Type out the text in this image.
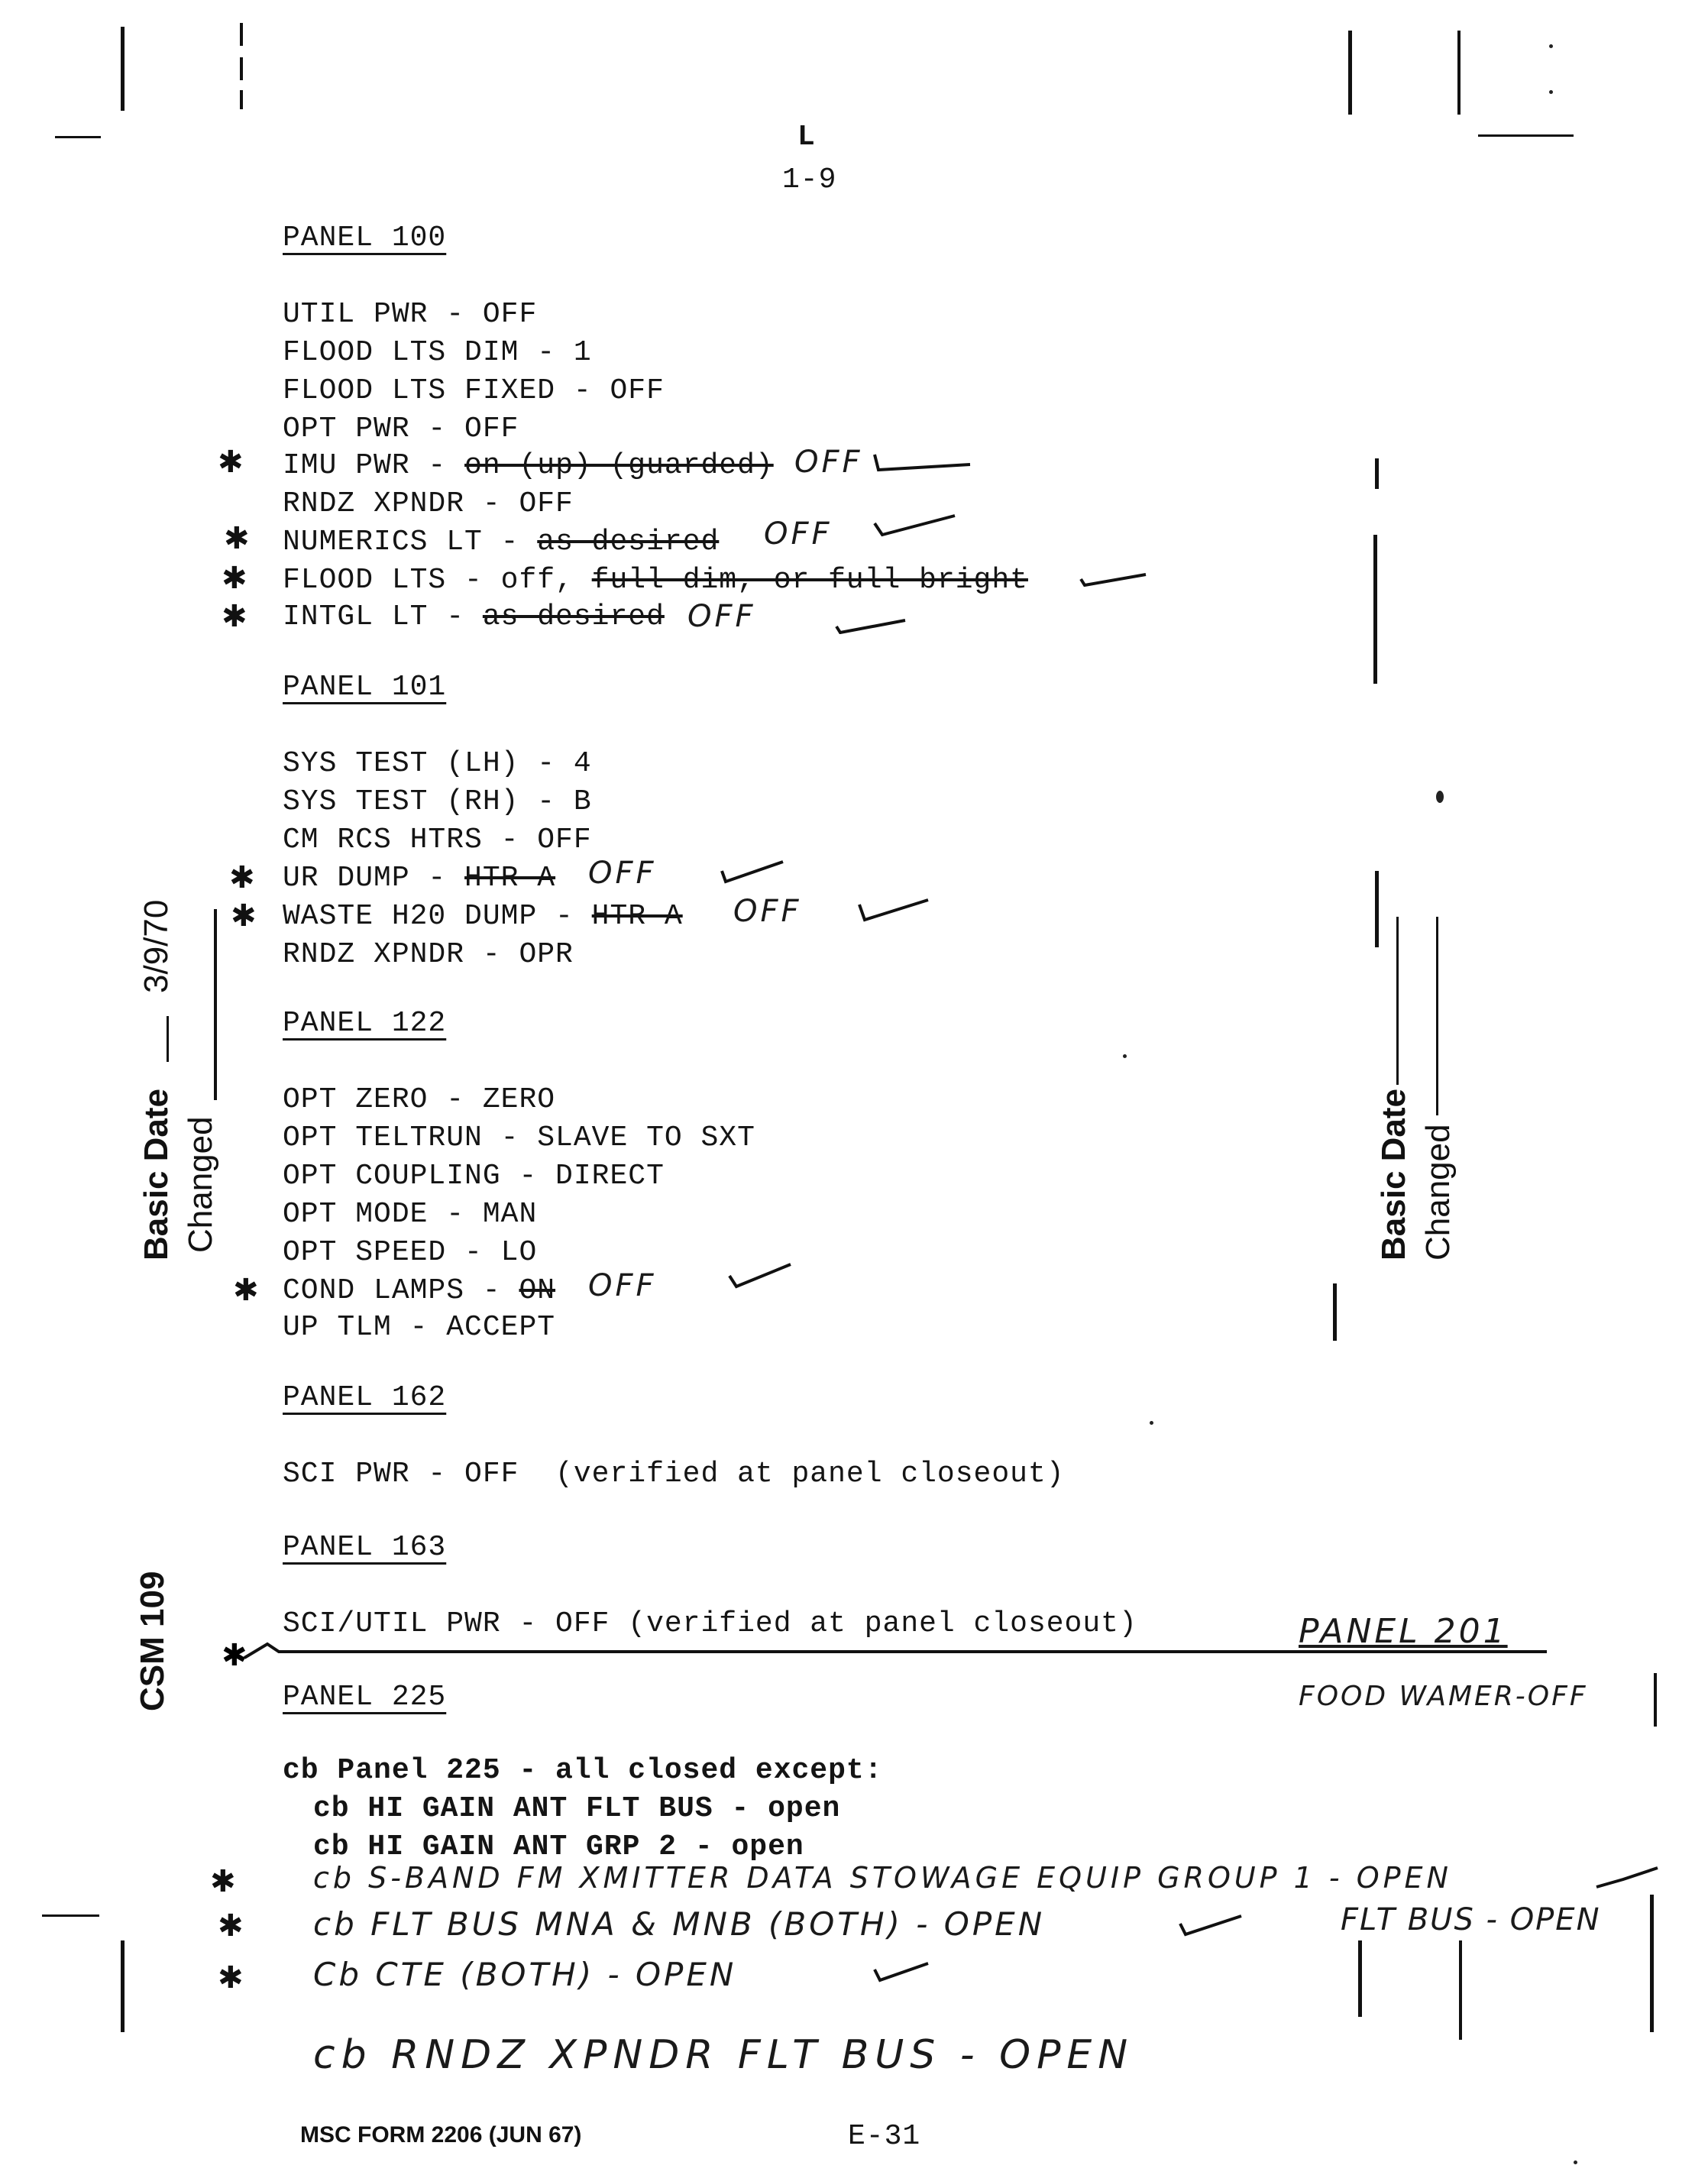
L
1-9
PANEL 100
UTIL PWR - OFF
FLOOD LTS DIM - 1
FLOOD LTS FIXED - OFF
OPT PWR - OFF
✱ IMU PWR - on (up) (guarded) OFF
RNDZ XPNDR - OFF
✱ NUMERICS LT - as desired OFF
✱ FLOOD LTS - off, full dim, or full bright
✱ INTGL LT - as desired OFF
PANEL 101
SYS TEST (LH) - 4
SYS TEST (RH) - B
CM RCS HTRS - OFF
✱ UR DUMP - HTR A OFF
✱ WASTE H20 DUMP - HTR A OFF
RNDZ XPNDR - OPR
PANEL 122
OPT ZERO - ZERO
OPT TELTRUN - SLAVE TO SXT
OPT COUPLING - DIRECT
OPT MODE - MAN
OPT SPEED - LO
✱ COND LAMPS - ON OFF
UP TLM - ACCEPT
PANEL 162
SCI PWR - OFF  (verified at panel closeout)
PANEL 163
SCI/UTIL PWR - OFF (verified at panel closeout)
✱
PANEL 225
cb Panel 225 - all closed except:
cb HI GAIN ANT FLT BUS - open
cb HI GAIN ANT GRP 2 - open
✱	cb S-BAND FM XMITTER DATA STOWAGE EQUIP GROUP 1 - OPEN
✱ cb FLT BUS MNA & MNB (BOTH) - OPEN
✱ Cb CTE (BOTH) - OPEN
cb RNDZ XPNDR FLT BUS - OPEN
PANEL 201
FOOD WAMER-OFF
FLT BUS - OPEN
Basic Date Changed
3/9/70
Basic Date Changed
CSM 109
MSC FORM 2206 (JUN 67)	E-31
